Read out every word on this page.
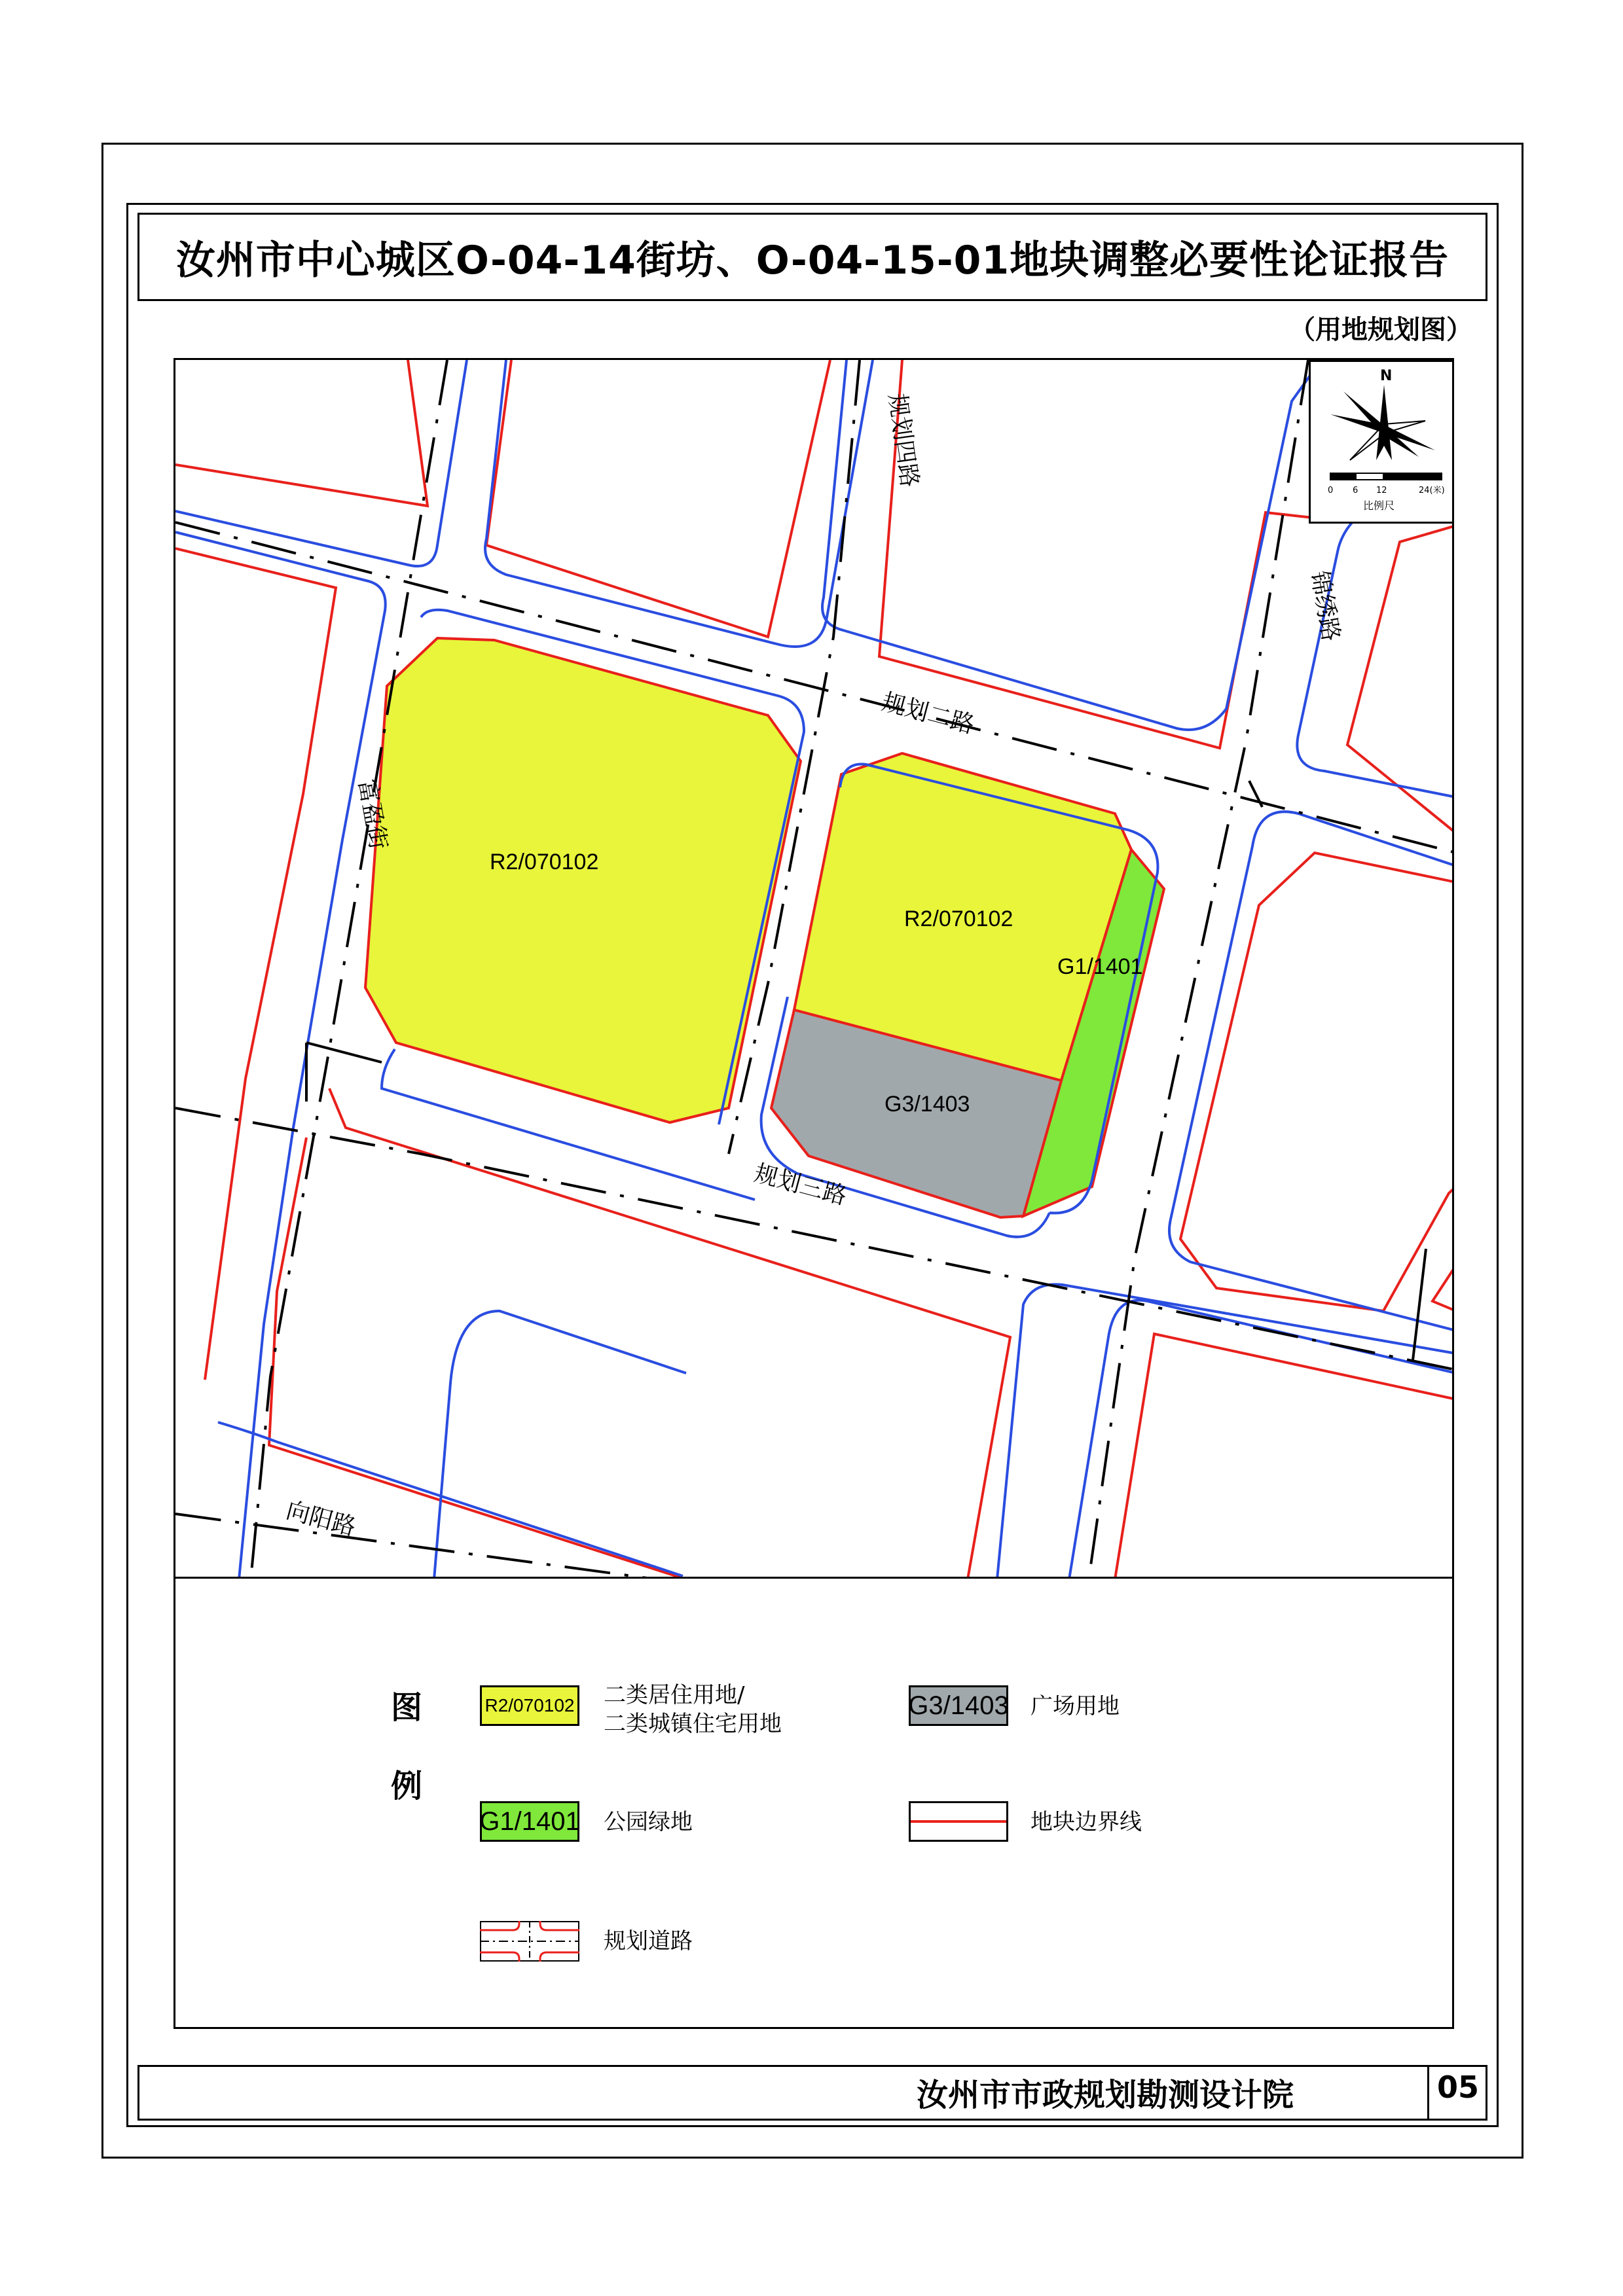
汝州市中心城区O-04-14街坊、O-04-15-01地块调整必要性论证报告
（用地规划图）
规划四路
规划二路
锦绣路
富盈街
规划三路
向阳路
R2/070102
R2/070102
G1/1401
G3/1403
N
0 6 12	24(米)
比例尺
图
例
R2/070102 二类居住用地/
二类城镇住宅用地
G3/1403 广场用地
G1/1401 公园绿地	地块边界线
规划道路
汝州市市政规划勘测设计院	05
